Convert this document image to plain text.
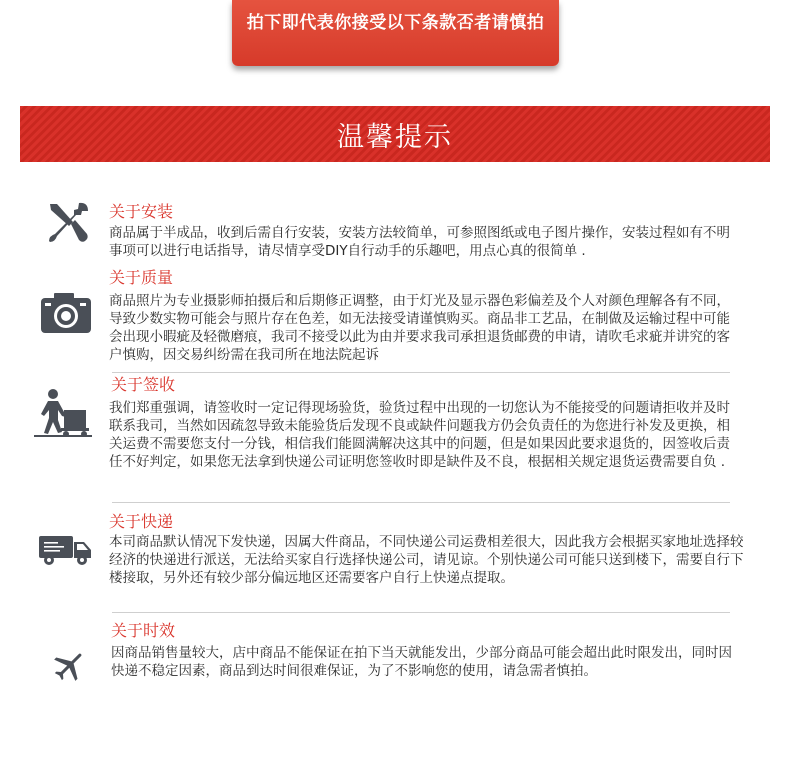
拍下即代表你接受以下条款否者请慎拍
温馨提示
关于安装
商品属于半成品，收到后需自行安装，安装方法较简单，可参照图纸或电子图片操作，安装过程如有不明事项可以进行电话指导，请尽情享受DIY自行动手的乐趣吧，用点心真的很简单 .
关于质量
商品照片为专业摄影师拍摄后和后期修正调整，由于灯光及显示器色彩偏差及个人对颜色理解各有不同，导致少数实物可能会与照片存在色差，如无法接受请谨慎购买。商品非工艺品，在制做及运输过程中可能会出现小暇疵及轻微磨痕，我司不接受以此为由并要求我司承担退货邮费的申请，请吹毛求疵并讲究的客户慎购，因交易纠纷需在我司所在地法院起诉
关于签收
我们郑重强调，请签收时一定记得现场验货，验货过程中出现的一切您认为不能接受的问题请拒收并及时联系我司，当然如因疏忽导致未能验货后发现不良或缺件问题我方仍会负责任的为您进行补发及更换，相关运费不需要您支付一分钱，相信我们能圆满解决这其中的问题，但是如果因此要求退货的，因签收后责任不好判定，如果您无法拿到快递公司证明您签收时即是缺件及不良，根据相关规定退货运费需要自负 .
关于快递
本司商品默认情况下发快递，因属大件商品，不同快递公司运费相差很大，因此我方会根据买家地址选择较经济的快递进行派送，无法给买家自行选择快递公司，请见谅。个别快递公司可能只送到楼下，需要自行下楼接取，另外还有较少部分偏远地区还需要客户自行上快递点提取。
关于时效
因商品销售量较大，店中商品不能保证在拍下当天就能发出，少部分商品可能会超出此时限发出，同时因快递不稳定因素，商品到达时间很难保证，为了不影响您的使用，请急需者慎拍。
